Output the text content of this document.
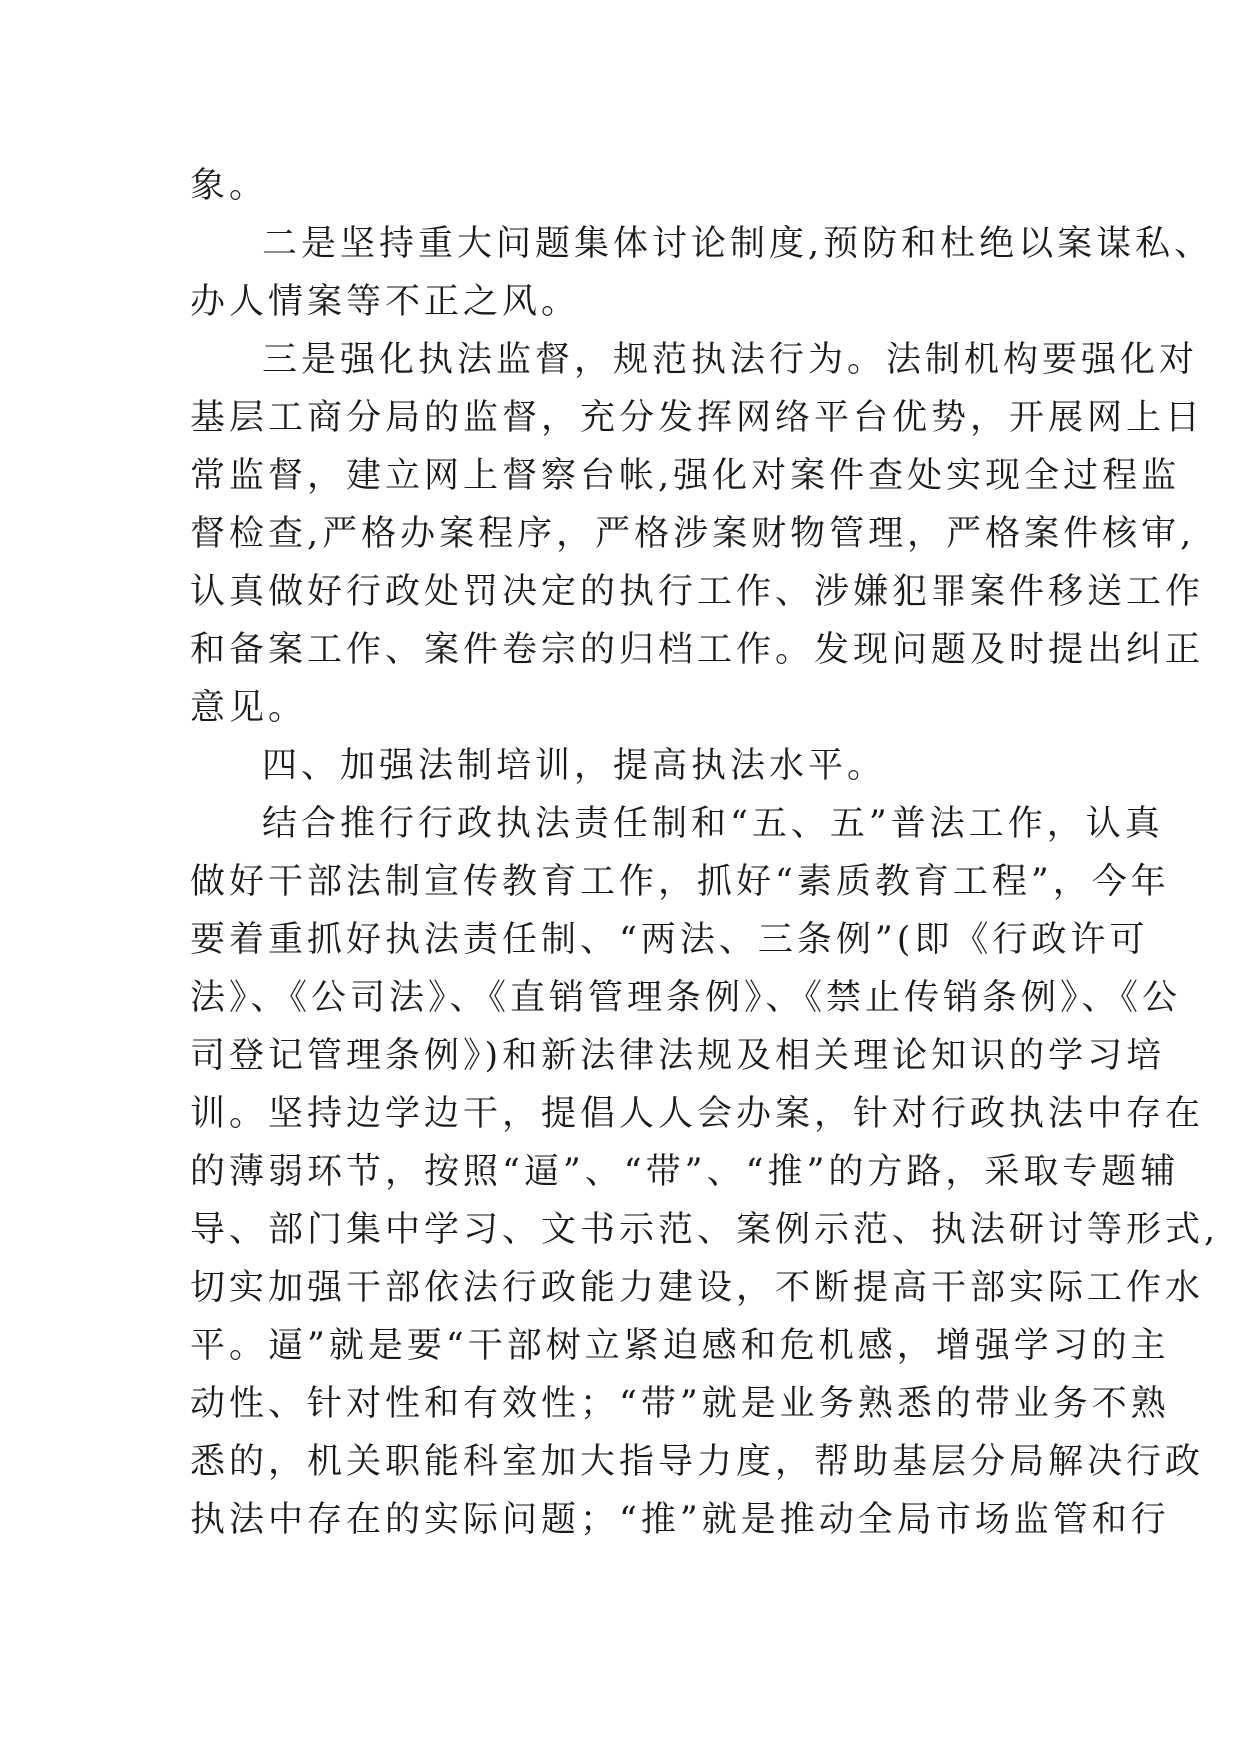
象。
二是坚持重大问题集体讨论制度,预防和杜绝以案谋私、
办人情案等不正之风。
三是强化执法监督，规范执法行为。法制机构要强化对
基层工商分局的监督，充分发挥网络平台优势，开展网上日
常监督，建立网上督察台帐,强化对案件查处实现全过程监
督检查,严格办案程序，严格涉案财物管理，严格案件核审,
认真做好行政处罚决定的执行工作、涉嫌犯罪案件移送工作
和备案工作、案件卷宗的归档工作。发现问题及时提出纠正
意见。
四、加强法制培训，提高执法水平。
结合推行行政执法责任制和“五、五”普法工作，认真
做好干部法制宣传教育工作，抓好“素质教育工程”，今年
要着重抓好执法责任制、“两法、三条例”(即《行政许可
法》、《公司法》、《直销管理条例》、《禁止传销条例》、《公
司登记管理条例》)和新法律法规及相关理论知识的学习培
训。坚持边学边干，提倡人人会办案，针对行政执法中存在
的薄弱环节，按照“逼”、“带”、“推”的方路，采取专题辅
导、部门集中学习、文书示范、案例示范、执法研讨等形式,
切实加强干部依法行政能力建设，不断提高干部实际工作水
平。逼”就是要“干部树立紧迫感和危机感，增强学习的主
动性、针对性和有效性；“带”就是业务熟悉的带业务不熟
悉的，机关职能科室加大指导力度，帮助基层分局解决行政
执法中存在的实际问题；“推”就是推动全局市场监管和行
